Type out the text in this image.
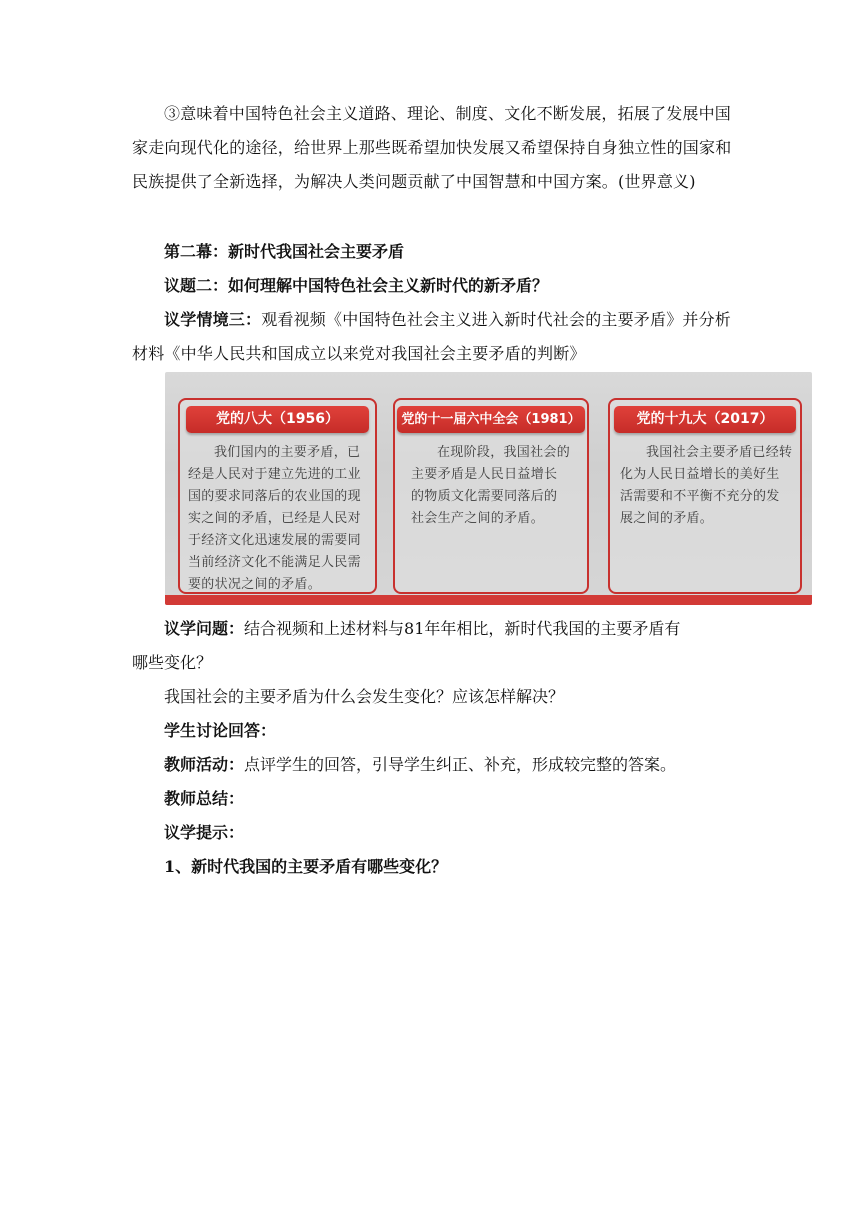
③意味着中国特色社会主义道路、理论、制度、文化不断发展，拓展了发展中国家走向现代化的途径，给世界上那些既希望加快发展又希望保持自身独立性的国家和民族提供了全新选择，为解决人类问题贡献了中国智慧和中国方案。(世界意义)

第二幕：新时代我国社会主要矛盾

议题二：如何理解中国特色社会主义新时代的新矛盾？

议学情境三：观看视频《中国特色社会主义进入新时代社会的主要矛盾》并分析材料《中华人民共和国成立以来党对我国社会主要矛盾的判断》

党的八大（1956）
我们国内的主要矛盾，已
经是人民对于建立先进的工业
国的要求同落后的农业国的现
实之间的矛盾，已经是人民对
于经济文化迅速发展的需要同
当前经济文化不能满足人民需
要的状况之间的矛盾。
党的十一届六中全会（1981）
在现阶段，我国社会的
主要矛盾是人民日益增长
的物质文化需要同落后的
社会生产之间的矛盾。
党的十九大（2017）
我国社会主要矛盾已经转
化为人民日益增长的美好生
活需要和不平衡不充分的发
展之间的矛盾。

议学问题：结合视频和上述材料与81年年相比，新时代我国的主要矛盾有

哪些变化？

我国社会的主要矛盾为什么会发生变化？应该怎样解决？

学生讨论回答：

教师活动：点评学生的回答，引导学生纠正、补充，形成较完整的答案。

教师总结：

议学提示：

1、新时代我国的主要矛盾有哪些变化？
